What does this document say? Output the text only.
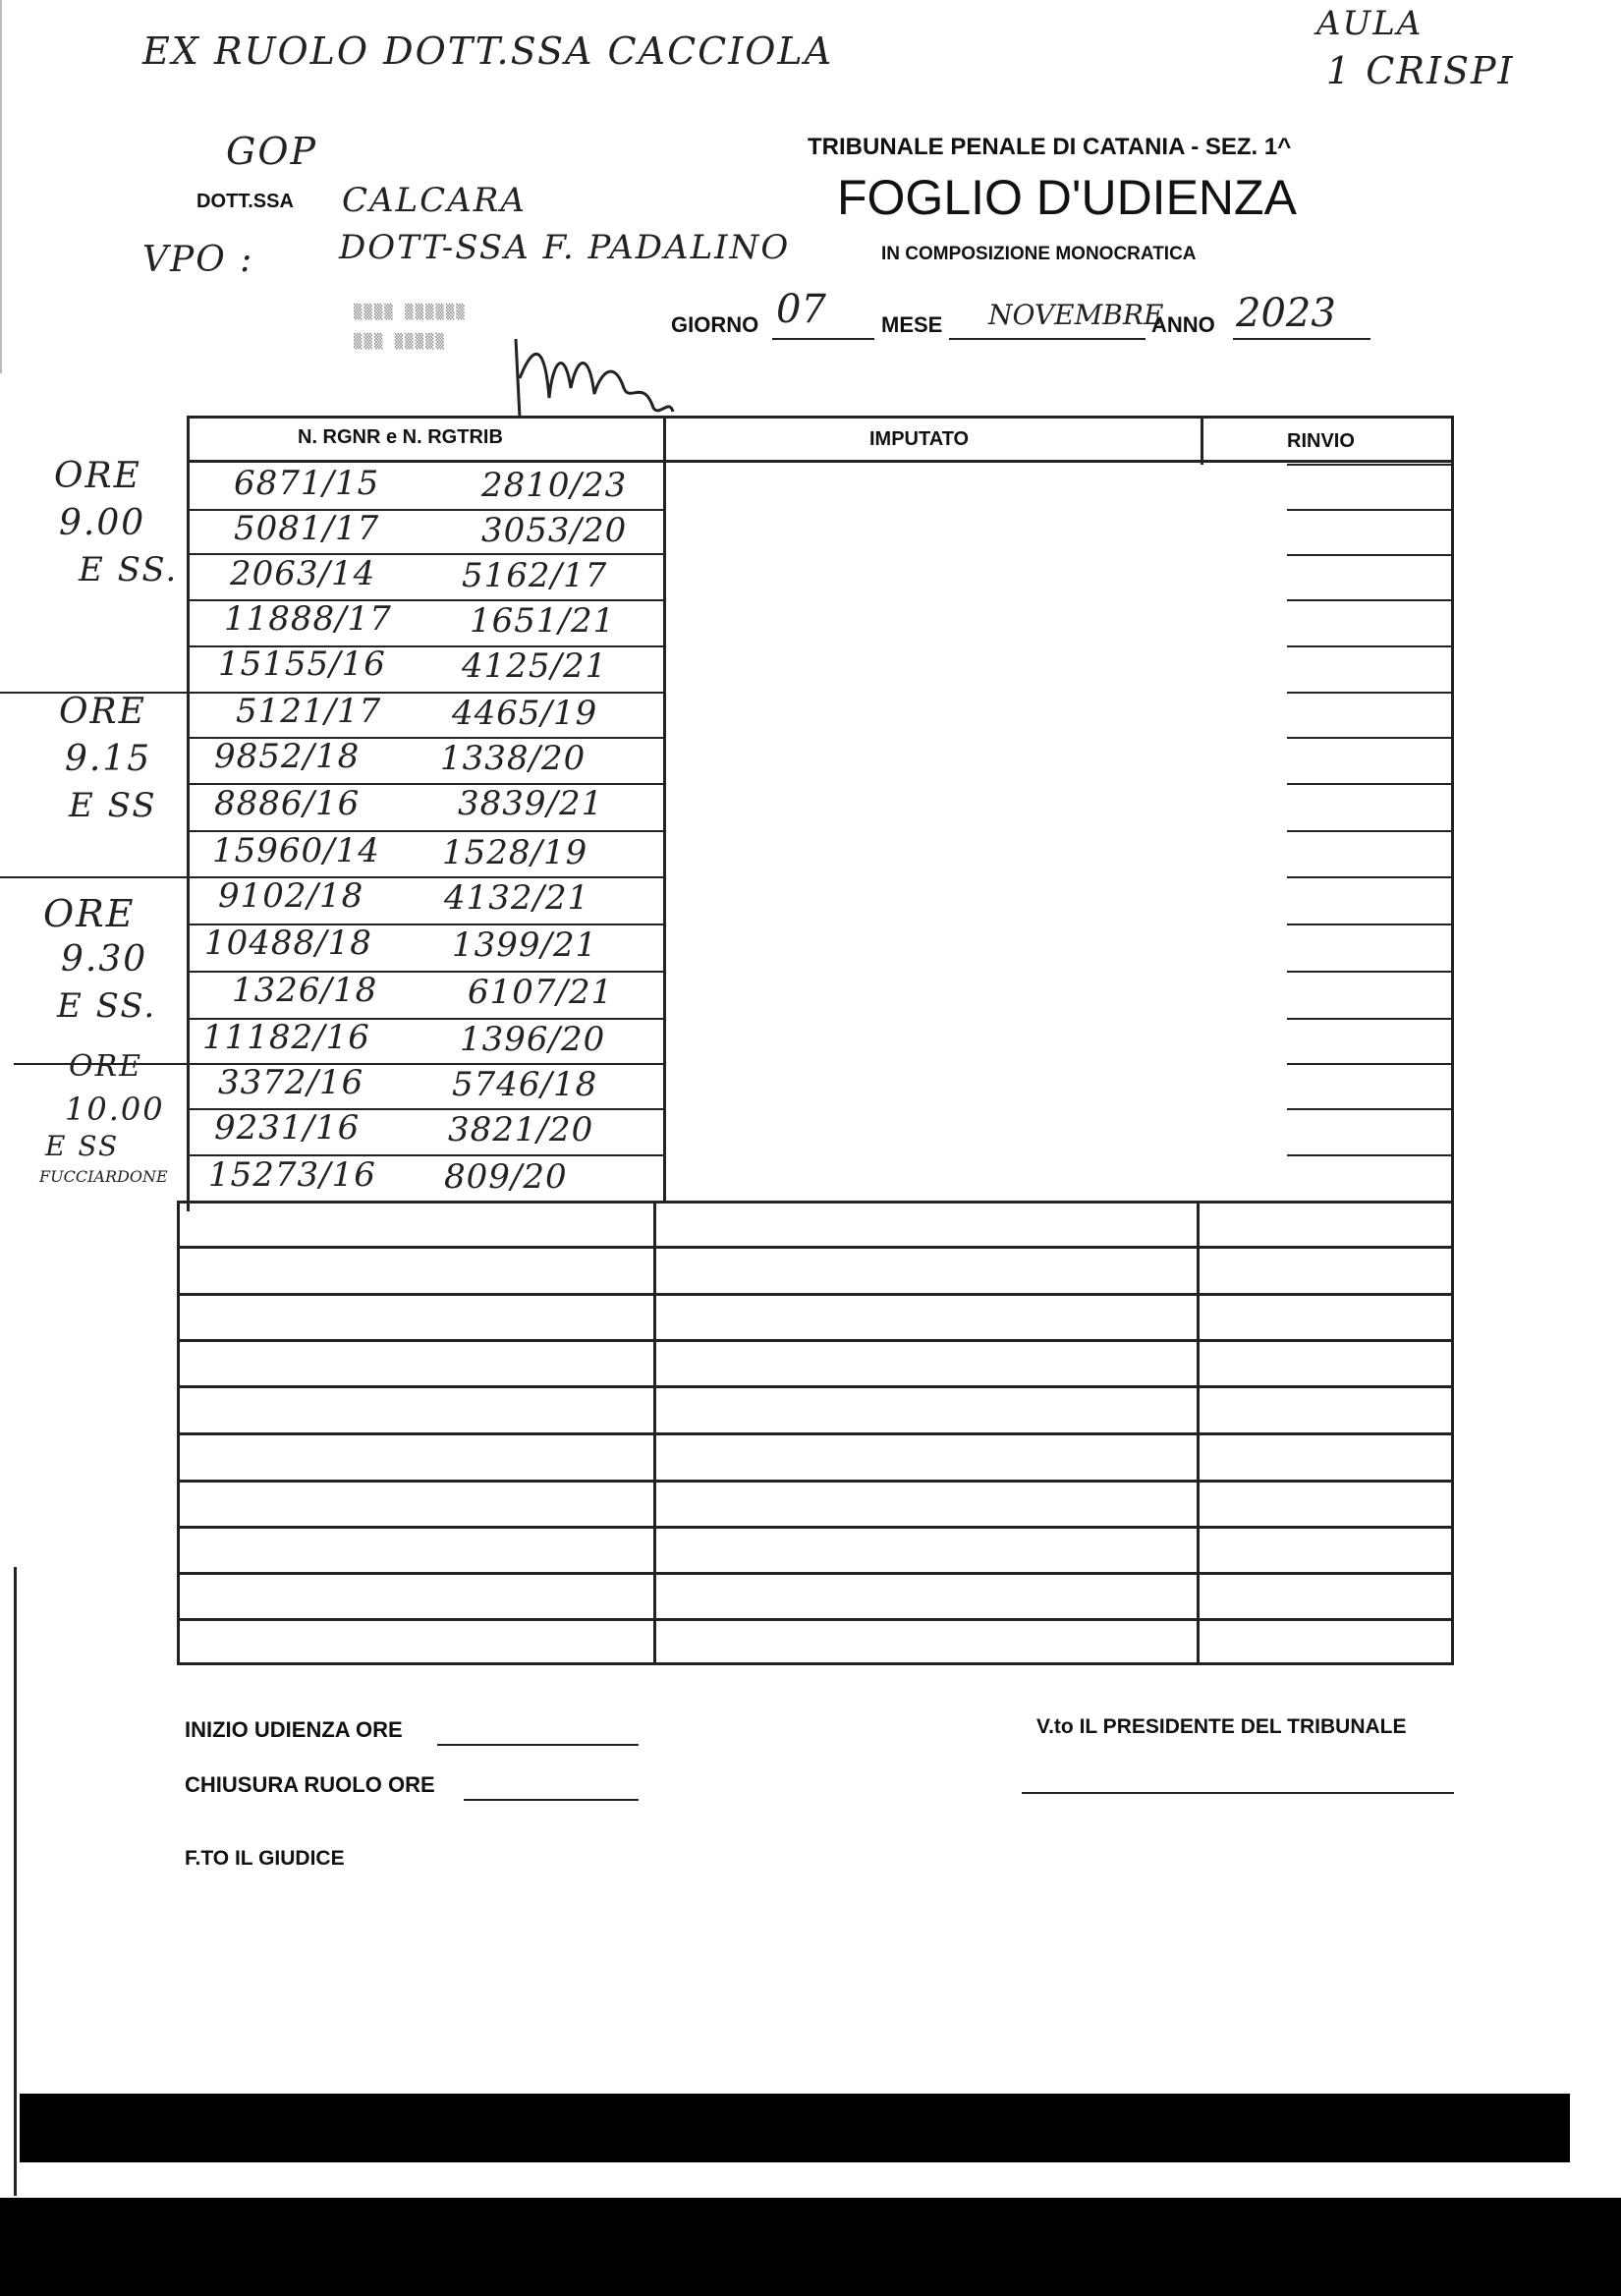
EX RUOLO DOTT.SSA CACCIOLA
AULA
1 CRISPI
GOP	TRIBUNALE PENALE DI CATANIA - SEZ. 1^
FOGLIO D'UDIENZA
IN COMPOSIZIONE MONOCRATICA
DOTT.SSA CALCARA
VPO :	DOTT-SSA F. PADALINO
▒▒▒▒ ▒▒▒▒▒▒
▒▒▒ ▒▒▒▒▒
GIORNO 07	MESE NOVEMBRE
ANNO 2023
N. RGNR e N. RGTRIB	IMPUTATO	RINVIO
6871/15	2810/23
5081/17	3053/20
2063/14	5162/17
11888/17 1651/21
15155/16 4125/21
5121/17 4465/19
9852/18 1338/20
8886/16	3839/21
15960/14 1528/19
9102/18 4132/21
10488/18 1399/21
1326/18	6107/21
11182/16	1396/20
3372/16	5746/18
9231/16	3821/20
15273/16 809/20
ORE
9.00
E SS.
ORE
9.15
E SS
ORE
9.30
E SS.
ORE
10.00
E SS
FUCCIARDONE
INIZIO UDIENZA ORE
CHIUSURA RUOLO ORE
F.TO IL GIUDICE
V.to IL PRESIDENTE DEL TRIBUNALE
